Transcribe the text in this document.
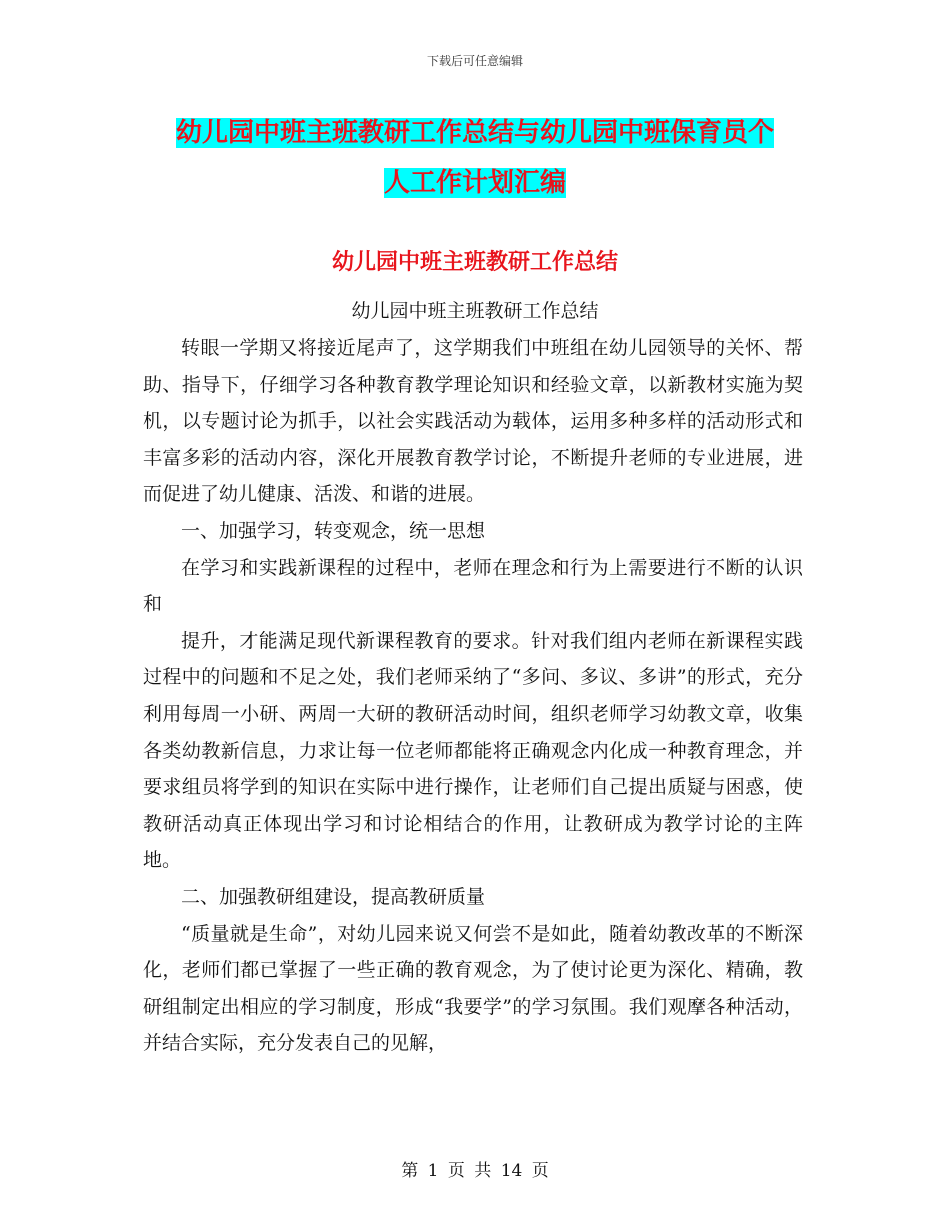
下载后可任意编辑
幼儿园中班主班教研工作总结与幼儿园中班保育员个
人工作计划汇编
幼儿园中班主班教研工作总结
幼儿园中班主班教研工作总结

转眼一学期又将接近尾声了，这学期我们中班组在幼儿园领导的关怀、帮助、指导下，仔细学习各种教育教学理论知识和经验文章，以新教材实施为契机，以专题讨论为抓手，以社会实践活动为载体，运用多种多样的活动形式和丰富多彩的活动内容，深化开展教育教学讨论，不断提升老师的专业进展，进而促进了幼儿健康、活泼、和谐的进展。

一、加强学习，转变观念，统一思想

在学习和实践新课程的过程中，老师在理念和行为上需要进行不断的认识和

提升，才能满足现代新课程教育的要求。针对我们组内老师在新课程实践过程中的问题和不足之处，我们老师采纳了“多问、多议、多讲”的形式，充分利用每周一小研、两周一大研的教研活动时间，组织老师学习幼教文章，收集各类幼教新信息，力求让每一位老师都能将正确观念内化成一种教育理念，并要求组员将学到的知识在实际中进行操作，让老师们自己提出质疑与困惑，使教研活动真正体现出学习和讨论相结合的作用，让教研成为教学讨论的主阵地。

二、加强教研组建设，提高教研质量

“质量就是生命”，对幼儿园来说又何尝不是如此，随着幼教改革的不断深化，老师们都已掌握了一些正确的教育观念，为了使讨论更为深化、精确，教研组制定出相应的学习制度，形成“我要学”的学习氛围。我们观摩各种活动，并结合实际，充分发表自己的见解，

第 1 页 共 14 页
